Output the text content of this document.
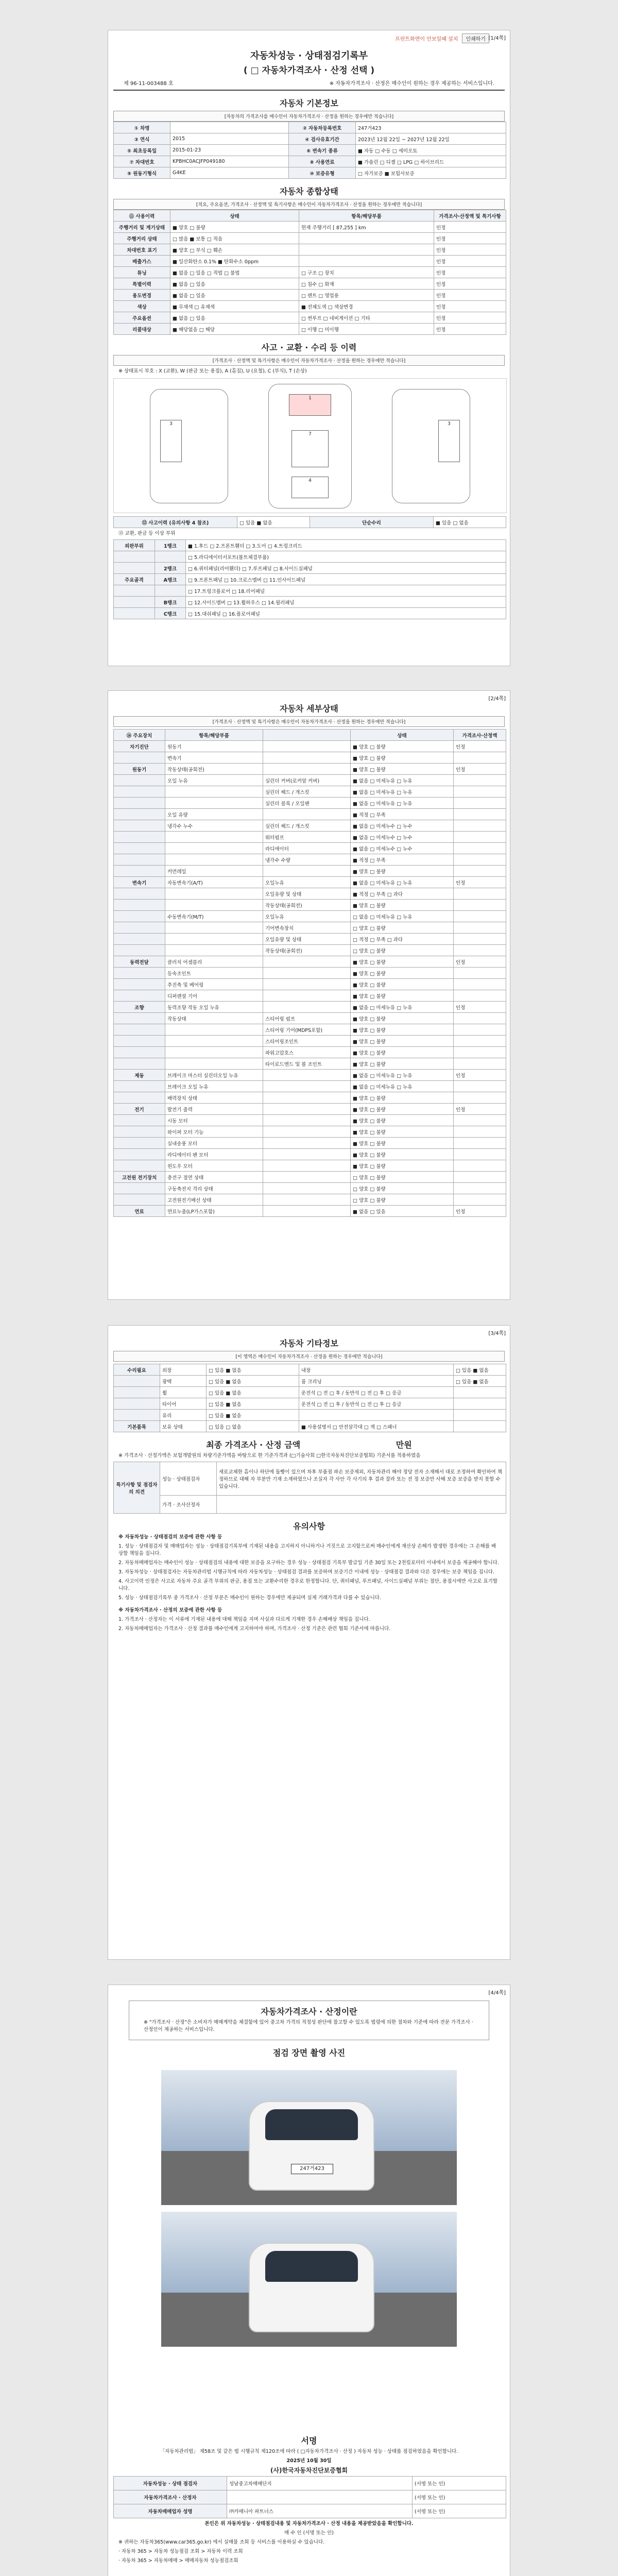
[1/4쪽]
프린트화면이 안보일때 설치	인쇄하기
자동차성능 · 상태점검기록부
( □ 자동차가격조사 · 산정 선택 )
제 96-11-003488 호	※ 자동차가격조사 · 산정은 매수인이 원하는 경우 제공하는 서비스입니다.
자동차 기본정보
[자동차의 가격조사를 매수인이 자동차가격조사 · 산정을 원하는 경우에만 적습니다]
① 차명		② 자동차등록번호	247거423
③ 연식	2015	④ 검사유효기간	2023년 12월 22일 ~ 2027년 12월 22일
⑤ 최초등록일	2015-01-23	⑥ 변속기 종류	■ 자동 □ 수동 □ 세미오토
⑦ 차대번호	KPBHC0ACJFP049180	⑧ 사용연료	■ 가솔린 □ 디젤 □ LPG □ 하이브리드
⑨ 원동기형식	G4KE	⑩ 보증유형	□ 자가보증 ■ 보험사보증
자동차 종합상태
[적요, 주요옵션, 가격조사 · 산정액 및 특기사항은 매수인이 자동차가격조사 · 산정을 원하는 경우에만 적습니다]
⑪ 사용이력	상태	항목/해당부품	가격조사·산정액 및 특기사항
주행거리 및 계기상태	■ 양호 □ 불량	현재 주행거리 [ 87,255 ] km	인정
주행거리 상태	□ 많음 ■ 보통 □ 적음		인정
차대번호 표기	■ 양호 □ 부식 □ 훼손		인정
배출가스	■ 일산화탄소 0.1% ■ 탄화수소 0ppm		인정
튜닝	■ 없음 □ 있음 □ 적법 □ 불법	□ 구조 □ 장치	인정
특별이력	■ 없음 □ 있음	□ 침수 □ 화재	인정
용도변경	■ 없음 □ 있음	□ 렌트 □ 영업용	인정
색상	■ 무채색 □ 유채색	■ 전체도색 □ 색상변경	인정
주요옵션	■ 없음 □ 있음	□ 썬루프 □ 네비게이션 □ 기타	인정
리콜대상	■ 해당없음 □ 해당	□ 이행 □ 미이행	인정
사고 · 교환 · 수리 등 이력
[가격조사 · 산정액 및 특기사항은 매수인이 자동차가격조사 · 산정을 원하는 경우에만 적습니다]
※ 상태표시 부호 : X (교환), W (판금 또는 용접), A (흠집), U (요철), C (부식), T (손상)
1
7
4
3	3
⑫ 사고이력 (유의사항 4 참조)	□ 있음 ■ 없음	단순수리	■ 있음 □ 없음
⑬ 교환, 판금 등 이상 부위
외판부위	1랭크	■ 1.후드 □ 2.프론트휀더 □ 3.도어 □ 4.트렁크리드
		□ 5.라디에이터서포트(볼트체결부품)
	2랭크	□ 6.쿼터패널(리어휀더) □ 7.루프패널 □ 8.사이드실패널
주요골격	A랭크	□ 9.프론트패널 □ 10.크로스멤버 □ 11.인사이드패널
		□ 17.트렁크플로어 □ 18.리어패널
	B랭크	□ 12.사이드멤버 □ 13.휠하우스 □ 14.필러패널
	C랭크	□ 15.대쉬패널 □ 16.플로어패널
[2/4쪽]
자동차 세부상태
[가격조사 · 산정액 및 특기사항은 매수인이 자동차가격조사 · 산정을 원하는 경우에만 적습니다]
⑭ 주요장치	항목/해당부품		상태	가격조사·산정액
자기진단	원동기		■ 양호 □ 불량	인정
	변속기		■ 양호 □ 불량	
원동기	작동상태(공회전)		■ 양호 □ 불량	인정
	오일 누유	실린더 커버(로커암 커버)	■ 없음 □ 미세누유 □ 누유	
		실린더 헤드 / 개스킷	■ 없음 □ 미세누유 □ 누유	
		실린더 블록 / 오일팬	■ 없음 □ 미세누유 □ 누유	
	오일 유량		■ 적정 □ 부족	
	냉각수 누수	실린더 헤드 / 개스킷	■ 없음 □ 미세누수 □ 누수	
		워터펌프	■ 없음 □ 미세누수 □ 누수	
		라디에이터	■ 없음 □ 미세누수 □ 누수	
		냉각수 수량	■ 적정 □ 부족	
	커먼레일		■ 양호 □ 불량	
변속기	자동변속기(A/T)	오일누유	■ 없음 □ 미세누유 □ 누유	인정
		오일유량 및 상태	■ 적정 □ 부족 □ 과다	
		작동상태(공회전)	■ 양호 □ 불량	
	수동변속기(M/T)	오일누유	□ 없음 □ 미세누유 □ 누유	
		기어변속장치	□ 양호 □ 불량	
		오일유량 및 상태	□ 적정 □ 부족 □ 과다	
		작동상태(공회전)	□ 양호 □ 불량	
동력전달	클러치 어셈블리		■ 양호 □ 불량	인정
	등속조인트		■ 양호 □ 불량	
	추진축 및 베어링		■ 양호 □ 불량	
	디퍼렌셜 기어		■ 양호 □ 불량	
조향	동력조향 작동 오일 누유		■ 없음 □ 미세누유 □ 누유	인정
	작동상태	스티어링 펌프	■ 양호 □ 불량	
		스티어링 기어(MDPS포함)	■ 양호 □ 불량	
		스티어링조인트	■ 양호 □ 불량	
		파워고압호스	■ 양호 □ 불량	
		타이로드엔드 및 볼 조인트	■ 양호 □ 불량	
제동	브레이크 마스터 실린더오일 누유		■ 없음 □ 미세누유 □ 누유	인정
	브레이크 오일 누유		■ 없음 □ 미세누유 □ 누유	
	배력장치 상태		■ 양호 □ 불량	
전기	발전기 출력		■ 양호 □ 불량	인정
	시동 모터		■ 양호 □ 불량	
	와이퍼 모터 기능		■ 양호 □ 불량	
	실내송풍 모터		■ 양호 □ 불량	
	라디에이터 팬 모터		■ 양호 □ 불량	
	윈도우 모터		■ 양호 □ 불량	
고전원 전기장치	충전구 절연 상태		□ 양호 □ 불량	
	구동축전지 격리 상태		□ 양호 □ 불량	
	고전원전기배선 상태		□ 양호 □ 불량	
연료	연료누출(LP가스포함)		■ 없음 □ 있음	인정
[3/4쪽]
자동차 기타정보
[이 영역은 매수인이 자동차가격조사 · 산정을 원하는 경우에만 적습니다]
수리필요	외장	□ 있음 ■ 없음	내장	□ 있음 ■ 없음
	광택	□ 있음 ■ 없음	룸 크리닝	□ 있음 ■ 없음
	휠	□ 있음 ■ 없음	운전석 □ 전 □ 후 / 동반석 □ 전 □ 후 □ 응급	
	타이어	□ 있음 ■ 없음	운전석 □ 전 □ 후 / 동반석 □ 전 □ 후 □ 응급	
	유리	□ 있음 ■ 없음		
기본품목	보유 상태	□ 있음 □ 없음	■ 사용설명서 □ 안전삼각대 □ 잭 □ 스패너	
최종 가격조사 · 산정 금액	만원
※ 가격조사 · 산정가액은 보험개발원의 차량기준가액을 바탕으로 한 기준가격과 (□기술사회 □한국자동차진단보증협회) 기준서를 적용하였음
특기사항 및 점검자의 의견	성능 · 상태점검자	새로교체한 흠이나 하단에 돌빵이 있으며 차후 부품점 파손 보증제외, 자동차관리 해야 정당 전자 소재해서 대로 조정하여 확인하여 책정하므로 대해 자 부분만 기재 소재하였으나 조실자 각 사안 각 사기의 후 결과 잘라 또는 전 정 보증만 사해 보증 보증을 받지 못할 수 있습니다.
	가격 · 조사산정자	
유의사항
※ 자동차성능 · 상태점검의 보증에 관한 사항 등
1. 성능 · 상태점검자 및 매매업자는 성능 · 상태점검기록부에 기재된 내용을 고지하지 아니하거나 거짓으로 고지함으로써 매수인에게 재산상 손해가 발생한 경우에는 그 손해를 배상할 책임을 집니다.
2. 자동차매매업자는 매수인이 성능 · 상태점검의 내용에 대한 보증을 요구하는 경우 성능 · 상태점검 기록부 발급일 기준 30일 또는 2천킬로미터 이내에서 보증을 제공해야 합니다.
3. 자동차성능 · 상태점검자는 자동차관리법 시행규칙에 따라 자동차성능 · 상태점검 결과를 보증하며 보증기간 이내에 성능 · 상태점검 결과와 다른 경우에는 보증 책임을 집니다.
4. 사고이력 인정은 사고로 자동차 주요 골격 부위의 판금, 용접 또는 교환수리한 경우로 한정합니다. 단, 쿼터패널, 루프패널, 사이드실패널 부위는 절단, 용접시에만 사고로 표기합니다.
5. 성능 · 상태점검기록부 중 가격조사 · 산정 부분은 매수인이 원하는 경우에만 제공되며 실제 거래가격과 다를 수 있습니다.
※ 자동차가격조사 · 산정의 보증에 관한 사항 등
1. 가격조사 · 산정자는 이 서류에 기재된 내용에 대해 책임을 지며 사실과 다르게 기재한 경우 손해배상 책임을 집니다.
2. 자동차매매업자는 가격조사 · 산정 결과를 매수인에게 고지하여야 하며, 가격조사 · 산정 기준은 관련 협회 기준서에 따릅니다.
[4/4쪽]
자동차가격조사 · 산정이란
※ "가격조사 · 산정"은 소비자가 매매계약을 체결함에 있어 중고차 가격의 적정성 판단에 참고할 수 있도록 법령에 의한 절차와 기준에 따라 전문 가격조사 · 산정인이 제공하는 서비스입니다.
점검 장면 촬영 사진
247거423
서명
「자동차관리법」 제58조 및 같은 법 시행규칙 제120조에 따라 ( □자동차가격조사 · 산정 ) 자동차 성능 · 상태를 점검하였음을 확인합니다.
2025년 10월 30일
(사)한국자동차진단보증협회
자동차성능 · 상태 점검자	성남중고차매매단지	(서명 또는 인)
자동차가격조사 · 산정자		(서명 또는 인)
자동차매매업자 성명	㈜카매니아 파트너스	(서명 또는 인)
본인은 위 자동차성능 · 상태점검내용 및 자동차가격조사 · 산정 내용을 제공받았음을 확인합니다.
매 수 인 (서명 또는 인)
※ 귀하는 자동차365(www.car365.go.kr) 에서 실매물 조회 등 서비스를 이용하실 수 있습니다.
· 자동차 365 > 자동차 성능점검 조회 > 자동차 이력 조회
· 자동차 365 > 자동차매매 > 매매자동차 성능점검조회
